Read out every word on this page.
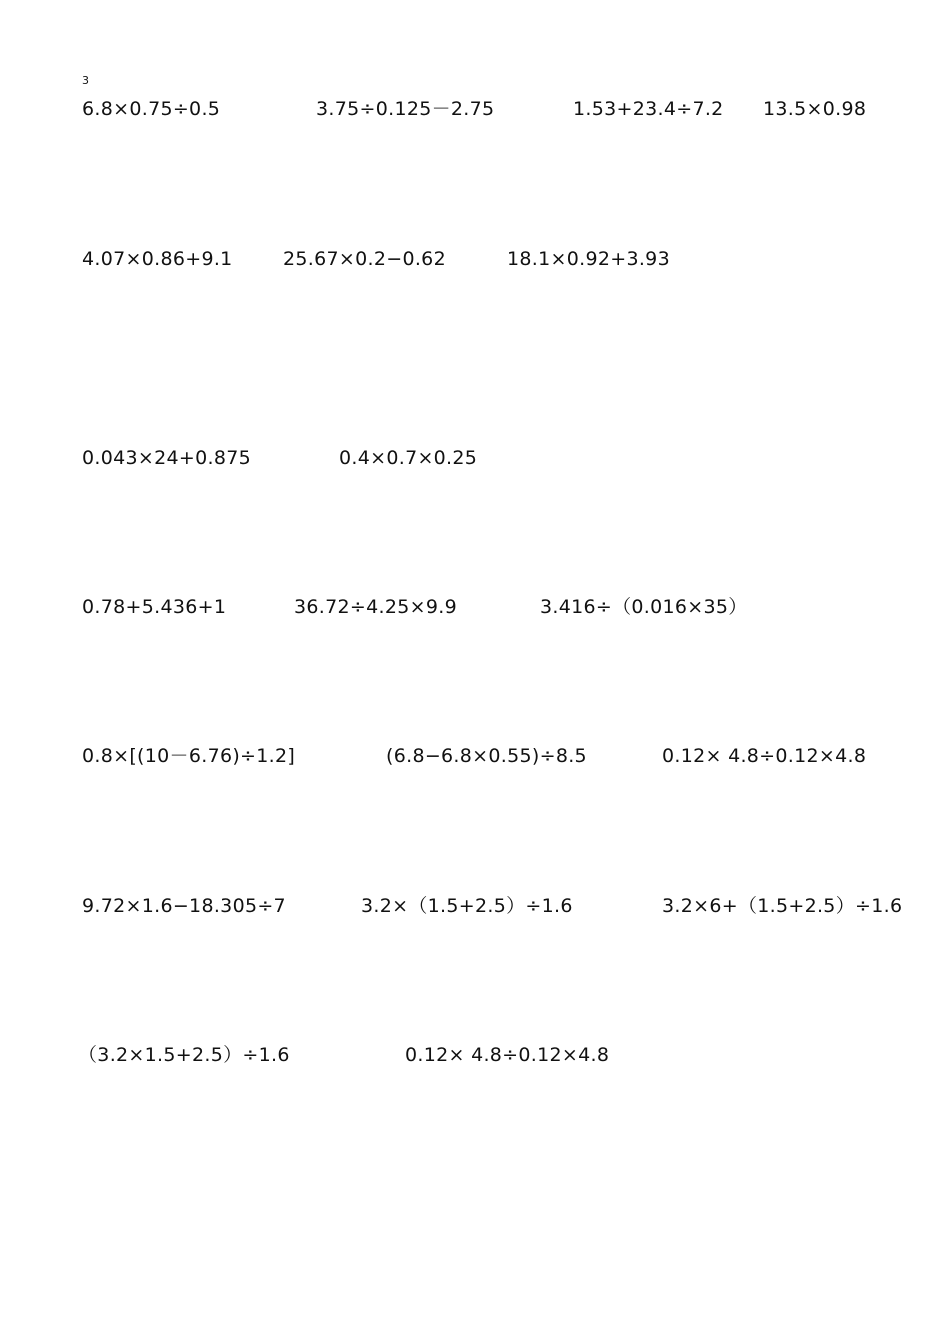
3
6.8×0.75÷0.5	3.75÷0.125－2.75	1.53+23.4÷7.2 13.5×0.98
4.07×0.86+9.1	25.67×0.2−0.62	18.1×0.92+3.93
0.043×24+0.875	0.4×0.7×0.25
0.78+5.436+1	36.72÷4.25×9.9	3.416÷（0.016×35）
0.8×[(10－6.76)÷1.2]	(6.8−6.8×0.55)÷8.5	0.12× 4.8÷0.12×4.8
9.72×1.6−18.305÷7	3.2×（1.5+2.5）÷1.6	3.2×6+（1.5+2.5）÷1.6
（3.2×1.5+2.5）÷1.6	0.12× 4.8÷0.12×4.8
